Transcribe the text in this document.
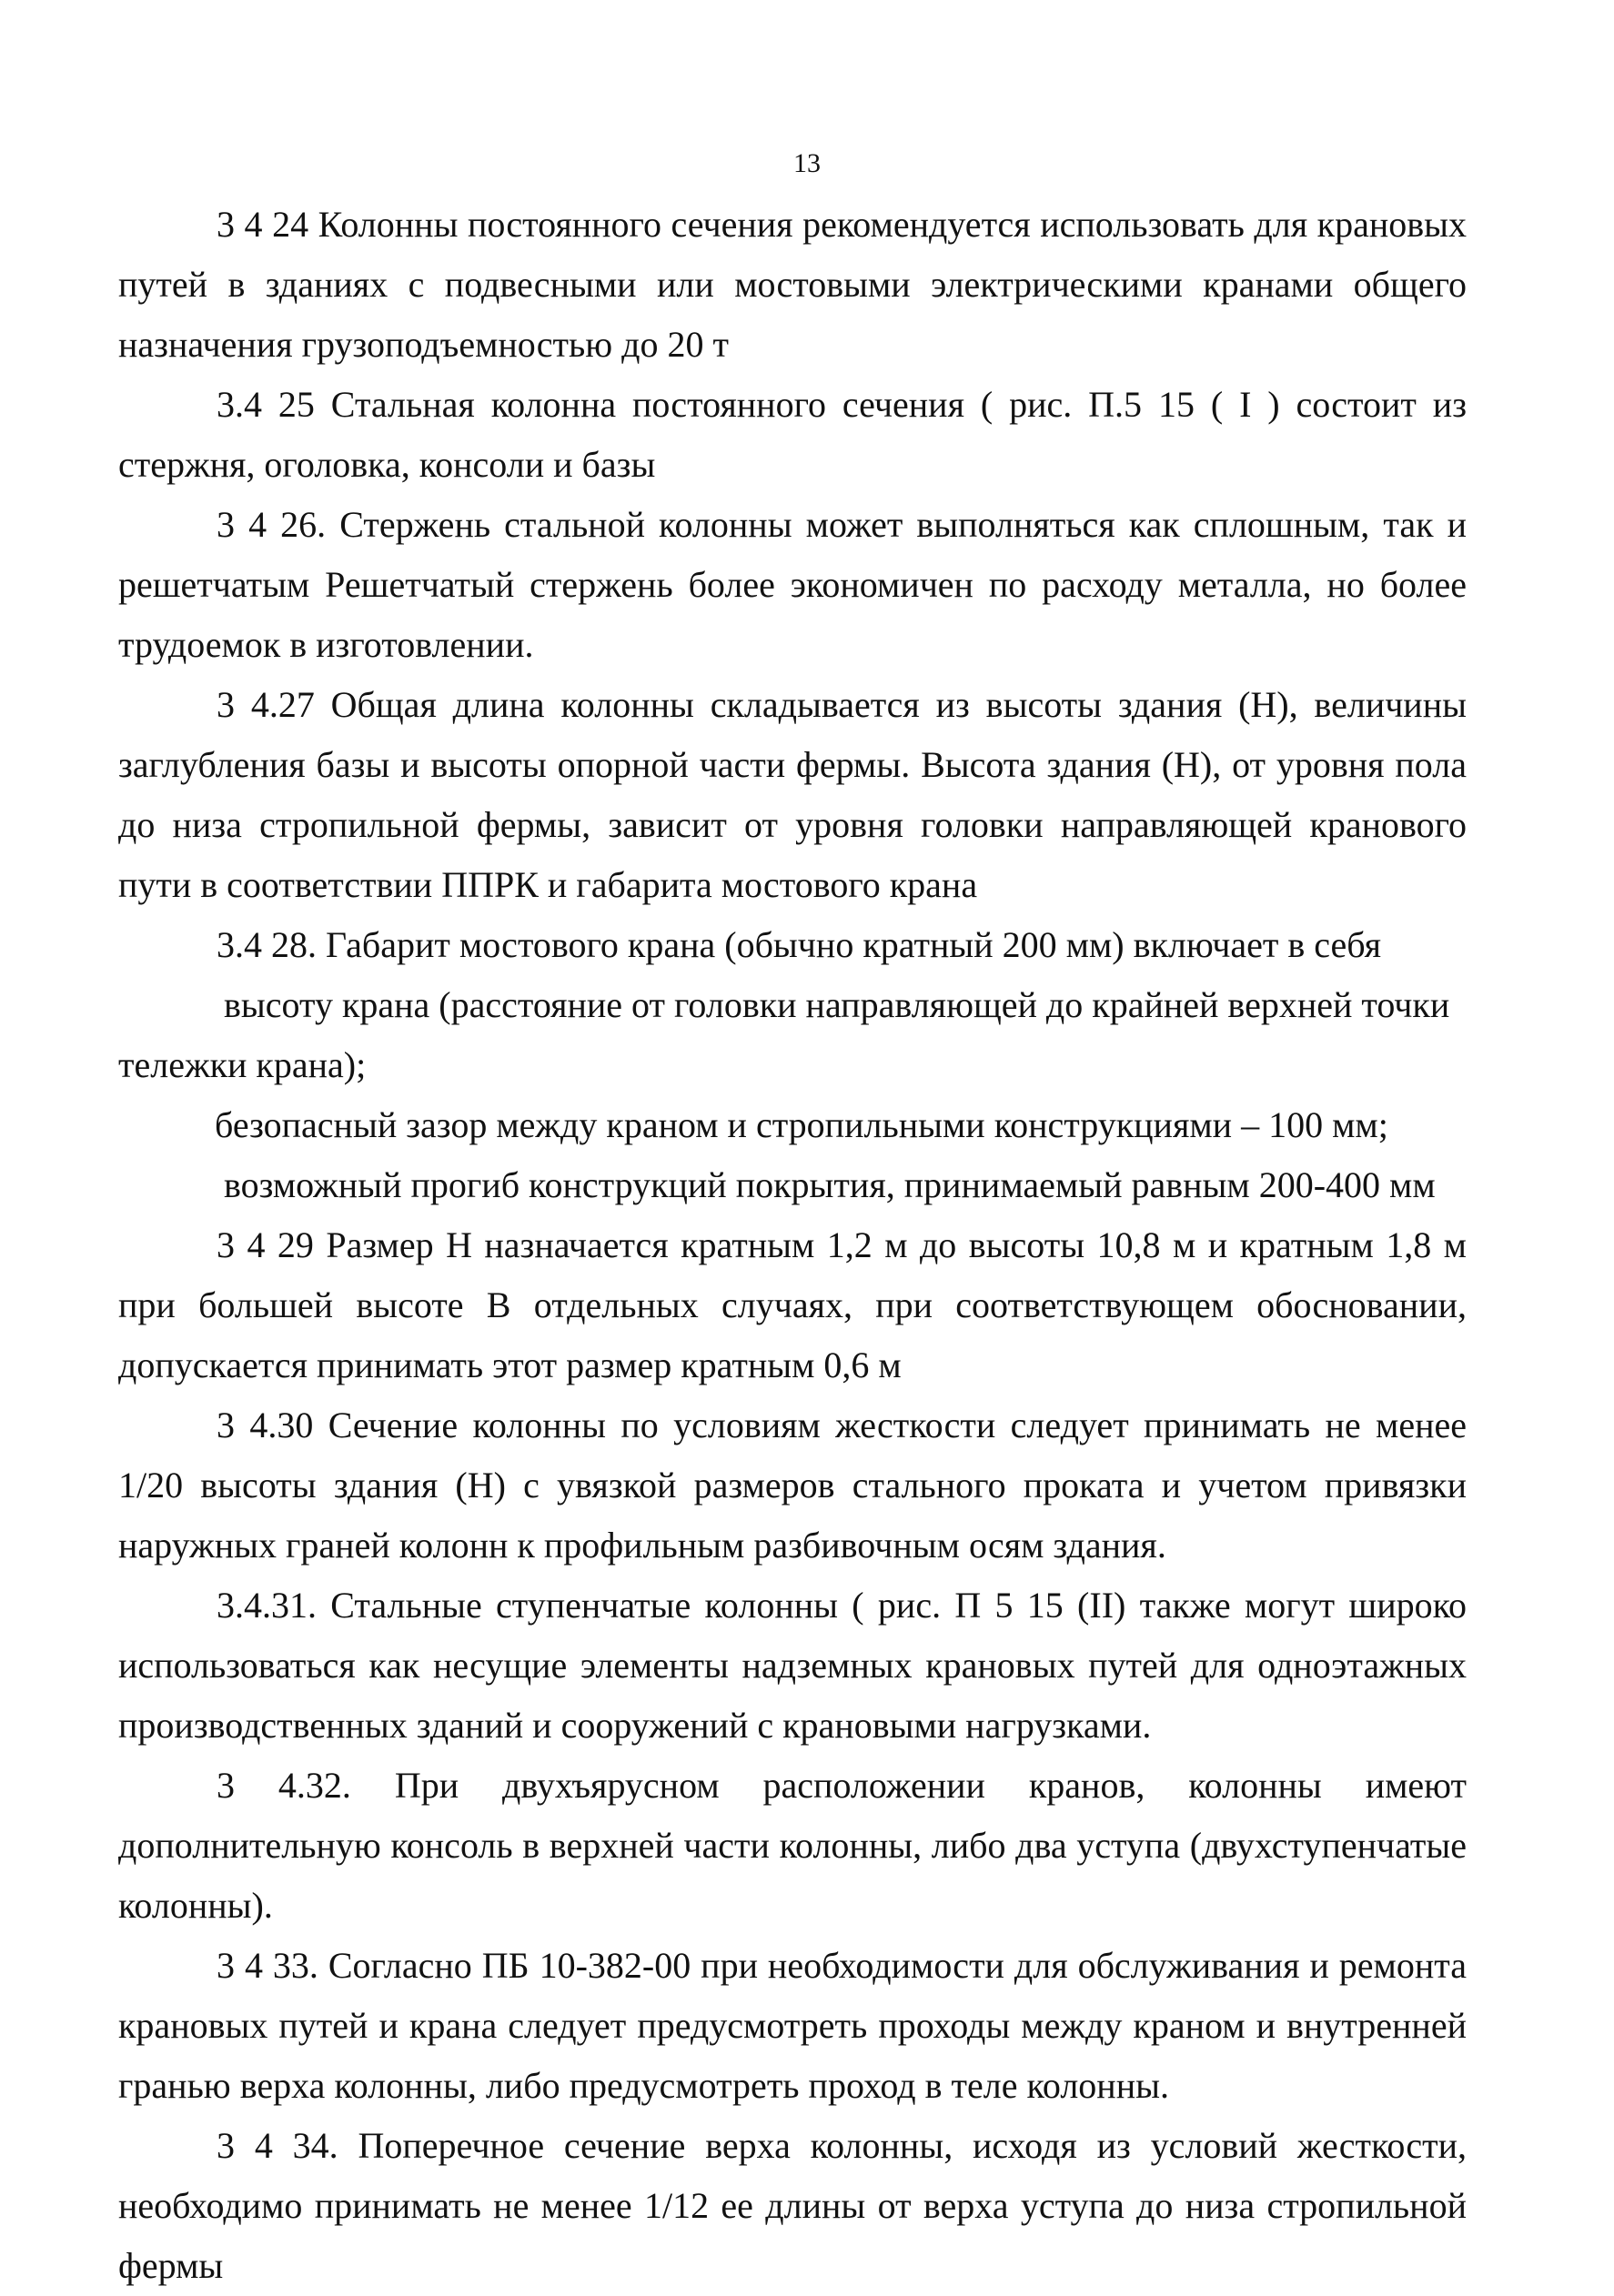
13

3 4 24 Колонны постоянного сечения рекомендуется использовать для крановых путей в зданиях с подвесными или мостовыми электрическими кранами общего назначения грузоподъемностью до 20 т

3.4 25 Стальная колонна постоянного сечения ( рис. П.5 15 ( I ) состоит из стержня, оголовка, консоли и базы

3 4 26. Стержень стальной колонны может выполняться как сплошным, так и решетчатым Решетчатый стержень более экономичен по расходу металла, но более трудоемок в изготовлении.

3 4.27 Общая длина колонны складывается из высоты здания (Н), величины заглубления базы и высоты опорной части фермы. Высота здания (Н), от уровня пола до низа стропильной фермы, зависит от уровня головки направляющей кранового пути в соответствии ППРК и габарита мостового крана

3.4 28. Габарит мостового крана (обычно кратный 200 мм) включает в себя
высоту крана (расстояние от головки направляющей до крайней верхней точки
тележки крана);
безопасный зазор между краном и стропильными конструкциями – 100 мм;
возможный прогиб конструкций покрытия, принимаемый равным 200-400 мм

3 4 29 Размер Н назначается кратным 1,2 м до высоты 10,8 м и кратным 1,8 м при большей высоте В отдельных случаях, при соответствующем обосновании, допускается принимать этот размер кратным 0,6 м

3 4.30 Сечение колонны по условиям жесткости следует принимать не менее 1/20 высоты здания (Н) с увязкой размеров стального проката и учетом привязки наружных граней колонн к профильным разбивочным осям здания.

3.4.31. Стальные ступенчатые колонны ( рис. П 5 15 (II) также могут широко использоваться как несущие элементы надземных крановых путей для одноэтажных производственных зданий и сооружений с крановыми нагрузками.

3 4.32. При двухъярусном расположении кранов, колонны имеют дополнительную консоль в верхней части колонны, либо два уступа (двухступенчатые колонны).

3 4 33. Согласно ПБ 10-382-00 при необходимости для обслуживания и ремонта крановых путей и крана следует предусмотреть проходы между краном и внутренней гранью верха колонны, либо предусмотреть проход в теле колонны.

3 4 34. Поперечное сечение верха колонны, исходя из условий жесткости, необходимо принимать не менее 1/12 ее длины от верха уступа до низа стропильной фермы
